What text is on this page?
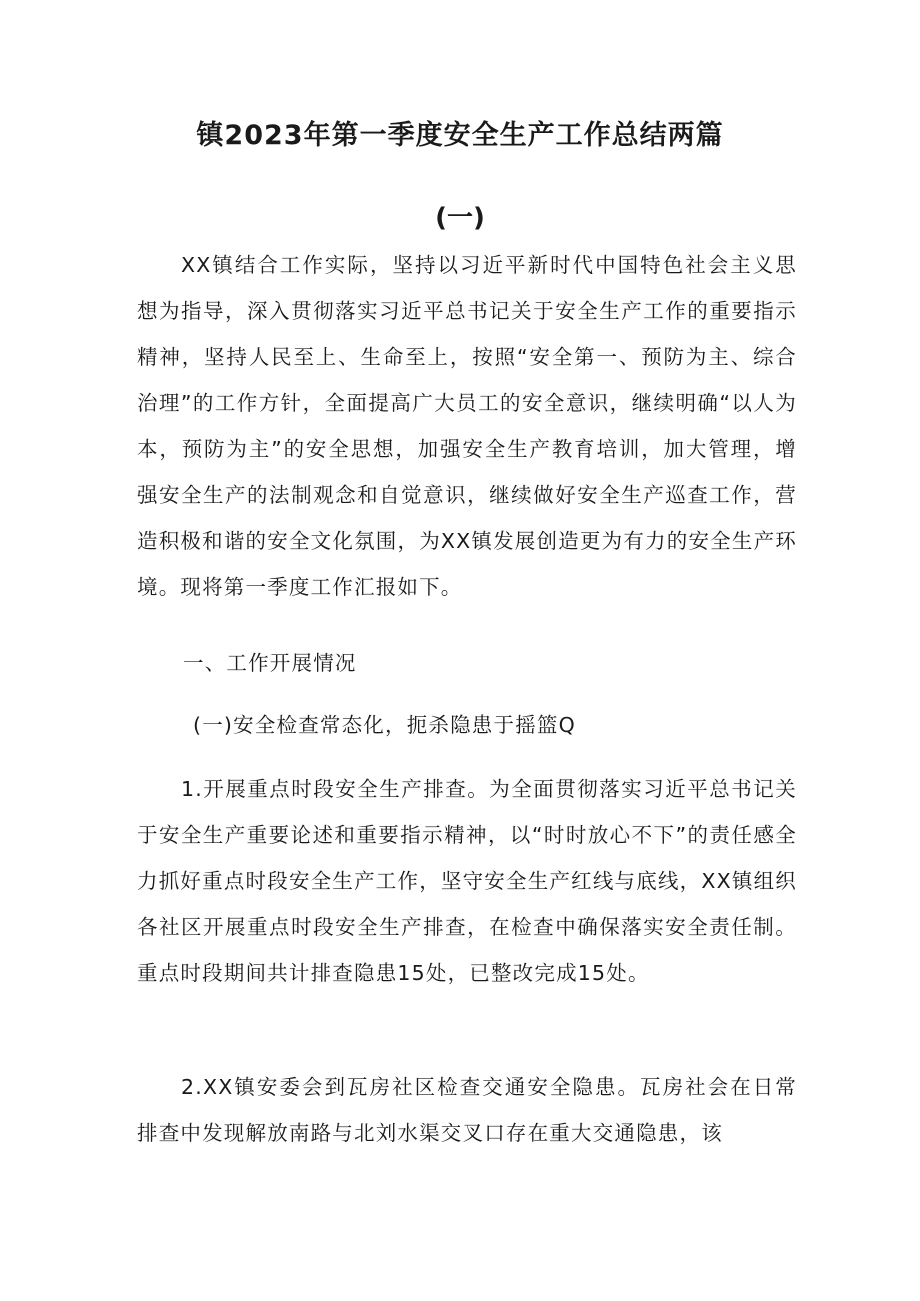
镇2023年第一季度安全生产工作总结两篇
(一)

XX镇结合工作实际，坚持以习近平新时代中国特色社会主义思想为指导，深入贯彻落实习近平总书记关于安全生产工作的重要指示精神，坚持人民至上、生命至上，按照“安全第一、预防为主、综合治理”的工作方针，全面提高广大员工的安全意识，继续明确“以人为本，预防为主”的安全思想，加强安全生产教育培训，加大管理，增强安全生产的法制观念和自觉意识，继续做好安全生产巡查工作，营造积极和谐的安全文化氛围，为XX镇发展创造更为有力的安全生产环境。现将第一季度工作汇报如下。

一、工作开展情况

(一)安全检查常态化，扼杀隐患于摇篮Q

1.开展重点时段安全生产排查。为全面贯彻落实习近平总书记关于安全生产重要论述和重要指示精神，以“时时放心不下”的责任感全力抓好重点时段安全生产工作，坚守安全生产红线与底线，XX镇组织各社区开展重点时段安全生产排查，在检查中确保落实安全责任制。重点时段期间共计排查隐患15处，已整改完成15处。

2.XX镇安委会到瓦房社区检查交通安全隐患。瓦房社会在日常排查中发现解放南路与北刘水渠交叉口存在重大交通隐患，该
